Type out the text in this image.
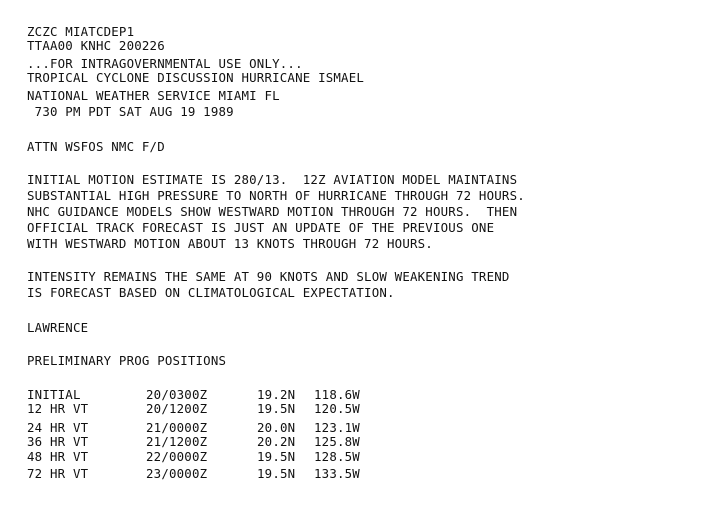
ZCZC MIATCDEP1
TTAA00 KNHC 200226
...FOR INTRAGOVERNMENTAL USE ONLY...
TROPICAL CYCLONE DISCUSSION HURRICANE ISMAEL
NATIONAL WEATHER SERVICE MIAMI FL
730 PM PDT SAT AUG 19 1989
ATTN WSFOS NMC F/D
INITIAL MOTION ESTIMATE IS 280/13.  12Z AVIATION MODEL MAINTAINS
SUBSTANTIAL HIGH PRESSURE TO NORTH OF HURRICANE THROUGH 72 HOURS.
NHC GUIDANCE MODELS SHOW WESTWARD MOTION THROUGH 72 HOURS.  THEN
OFFICIAL TRACK FORECAST IS JUST AN UPDATE OF THE PREVIOUS ONE
WITH WESTWARD MOTION ABOUT 13 KNOTS THROUGH 72 HOURS.
INTENSITY REMAINS THE SAME AT 90 KNOTS AND SLOW WEAKENING TREND
IS FORECAST BASED ON CLIMATOLOGICAL EXPECTATION.
LAWRENCE
PRELIMINARY PROG POSITIONS
INITIAL	20/0300Z	19.2N 118.6W
12 HR VT	20/1200Z	19.5N 120.5W
24 HR VT	21/0000Z	20.0N 123.1W
36 HR VT	21/1200Z	20.2N 125.8W
48 HR VT	22/0000Z	19.5N 128.5W
72 HR VT	23/0000Z	19.5N 133.5W
